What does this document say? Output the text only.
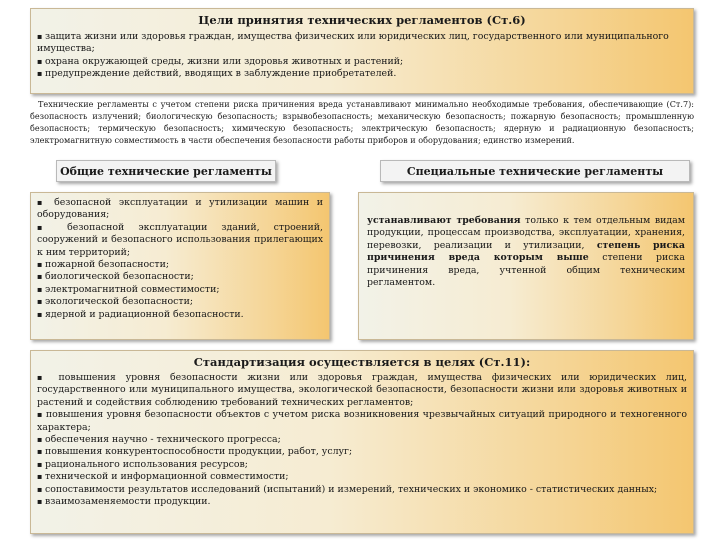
Цели принятия технических регламентов (Ст.6)
▪ защита жизни или здоровья граждан, имущества физических или юридических лиц, государственного или муниципального имущества;
▪ охрана окружающей среды, жизни или здоровья животных и растений;
▪ предупреждение действий, вводящих в заблуждение приобретателей.
Технические регламенты с учетом степени риска причинения вреда устанавливают минимально необходимые требования, обеспечивающие (Ст.7): безопасность излучений; биологическую безопасность; взрывобезопасность; механическую безопасность; пожарную безопасность; промышленную безопасность; термическую безопасность; химическую безопасность; электрическую безопасность; ядерную и радиационную безопасность; электромагнитную совместимость в части обеспечения безопасности работы приборов и оборудования; единство измерений.
Общие технические регламенты	Специальные технические регламенты
▪ безопасной эксплуатации и утилизации машин и оборудования;
▪ безопасной эксплуатации зданий, строений, сооружений и безопасного использования прилегающих к ним территорий;
▪ пожарной безопасности;
▪ биологической безопасности;
▪ электромагнитной совместимости;
▪ экологической безопасности;
▪ ядерной и радиационной безопасности.
устанавливают требования только к тем отдельным видам продукции, процессам производства, эксплуатации, хранения, перевозки, реализации и утилизации, степень риска причинения вреда которым выше степени риска причинения вреда, учтенной общим техническим регламентом.
Стандартизация осуществляется в целях (Ст.11):
▪ повышения уровня безопасности жизни или здоровья граждан, имущества физических или юридических лиц, государственного или муниципального имущества, экологической безопасности, безопасности жизни или здоровья животных и растений и содействия соблюдению требований технических регламентов;
▪ повышения уровня безопасности объектов с учетом риска возникновения чрезвычайных ситуаций природного и техногенного характера;
▪ обеспечения научно - технического прогресса;
▪ повышения конкурентоспособности продукции, работ, услуг;
▪ рационального использования ресурсов;
▪ технической и информационной совместимости;
▪ сопоставимости результатов исследований (испытаний) и измерений, технических и экономико - статистических данных;
▪ взаимозаменяемости продукции.
